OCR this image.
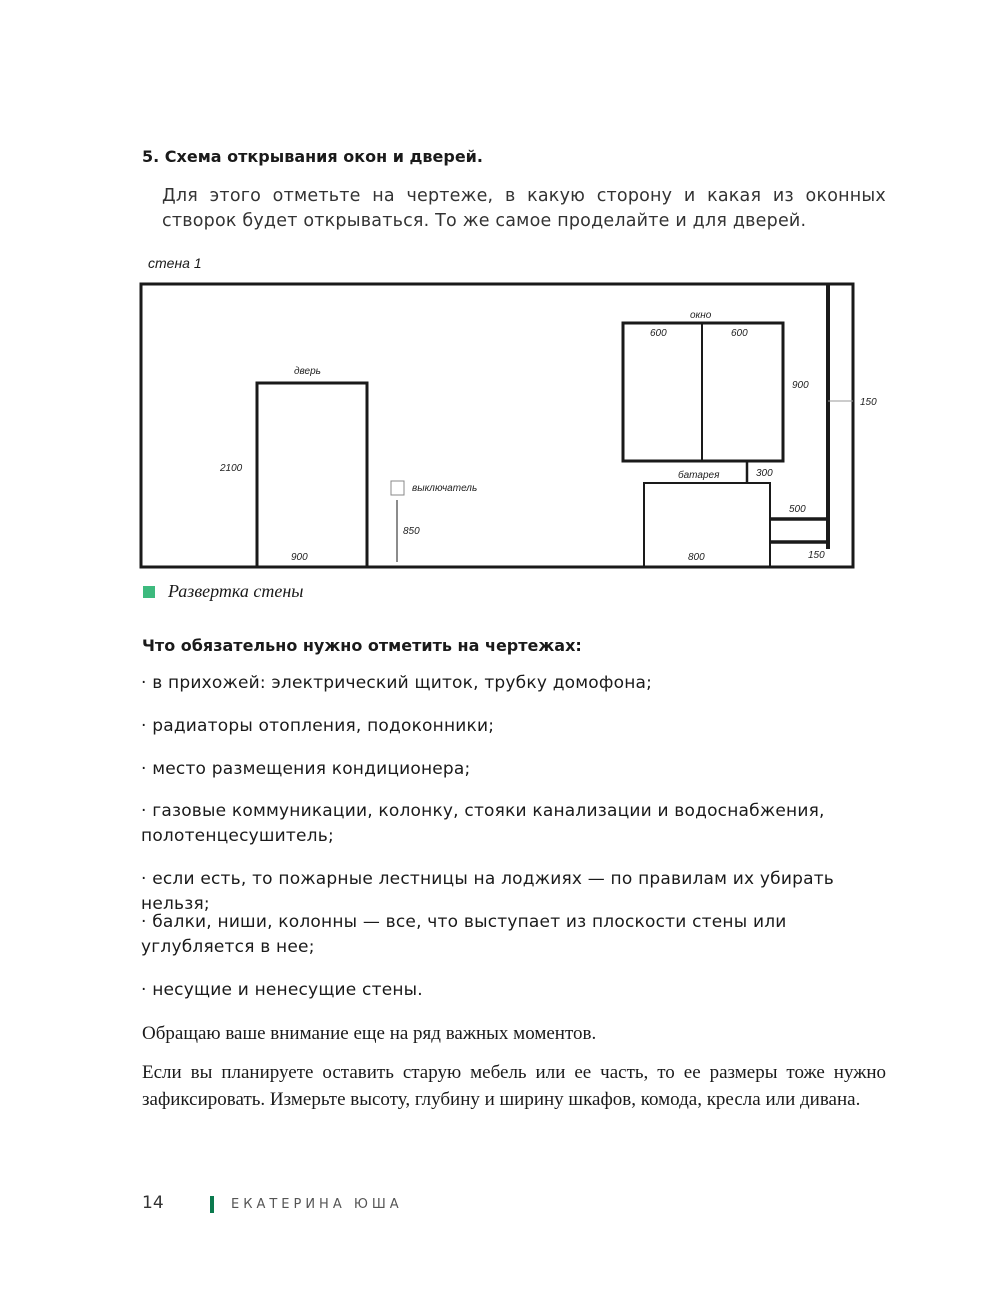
5. Схема открывания окон и дверей.
Для этого отметьте на чертеже, в какую сторону и какая из оконных створок будет открываться. То же самое проделайте и для дверей.
стена 1
дверь
2100
900
выключатель
850
окно
600	600
900
батарея	300
800
500
150
150
Развертка стены
Что обязательно нужно отметить на чертежах:
· в прихожей: электрический щиток, трубку домофона;
· радиаторы отопления, подоконники;
· место размещения кондиционера;
· газовые коммуникации, колонку, стояки канализации и водоснабжения, полотенцесушитель;
· если есть, то пожарные лестницы на лоджиях — по правилам их убирать нельзя;
· балки, ниши, колонны — все, что выступает из плоскости стены или углубляется в нее;
· несущие и ненесущие стены.
Обращаю ваше внимание еще на ряд важных моментов.
Если вы планируете оставить старую мебель или ее часть, то ее размеры тоже нужно зафиксировать. Измерьте высоту, глубину и ширину шкафов, комода, кресла или дивана.
14	ЕКАТЕРИНА ЮША
